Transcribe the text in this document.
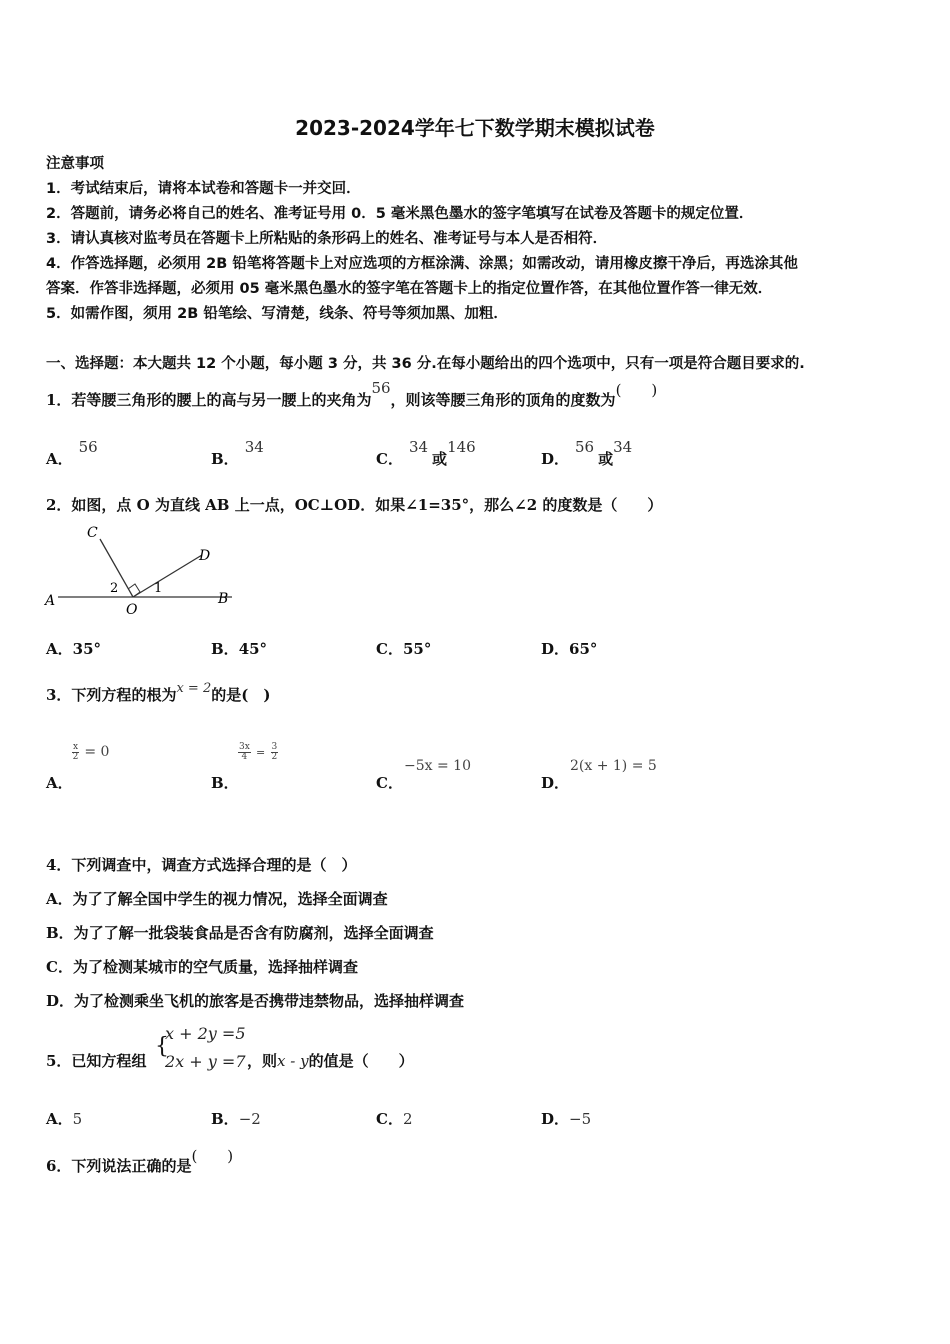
2023-2024学年七下数学期末模拟试卷
注意事项
1．考试结束后，请将本试卷和答题卡一并交回．
2．答题前，请务必将自己的姓名、准考证号用 0．5 毫米黑色墨水的签字笔填写在试卷及答题卡的规定位置．
3．请认真核对监考员在答题卡上所粘贴的条形码上的姓名、准考证号与本人是否相符．
4．作答选择题，必须用 2B 铅笔将答题卡上对应选项的方框涂满、涂黑；如需改动，请用橡皮擦干净后，再选涂其他
答案．作答非选择题，必须用 05 毫米黑色墨水的签字笔在答题卡上的指定位置作答，在其他位置作答一律无效．
5．如需作图，须用 2B 铅笔绘、写清楚，线条、符号等须加黑、加粗．
一、选择题：本大题共 12 个小题，每小题 3 分，共 36 分.在每小题给出的四个选项中，只有一项是符合题目要求的.
1．若等腰三角形的腰上的高与另一腰上的夹角为56，则该等腰三角形的顶角的度数为(　　)
A．56
B．34
C．34或146
D．56或34
2．如图，点 O 为直线 AB 上一点，OC⊥OD．如果∠1=35°，那么∠2 的度数是（　　）
A	B
C
D
O
1
2
A．35°	B．45°	C．55°	D．65°
3．下列方程的根为x = 2的是(　)
A．
$\frac{x}{2} = 0$
B．
$\frac{3x}{4} = \frac{3}{2}$
C．
−5x = 10
D．
2(x + 1) = 5
4．下列调查中，调查方式选择合理的是（　）
A．为了了解全国中学生的视力情况，选择全面调查
B．为了了解一批袋装食品是否含有防腐剂，选择全面调查
C．为了检测某城市的空气质量，选择抽样调查
D．为了检测乘坐飞机的旅客是否携带违禁物品，选择抽样调查
5．已知方程组
{
x + 2y =5
2x + y =7 ，则x - y的值是（　　）
A．5	B．−2	C．2	D．−5
6．下列说法正确的是(　　)
